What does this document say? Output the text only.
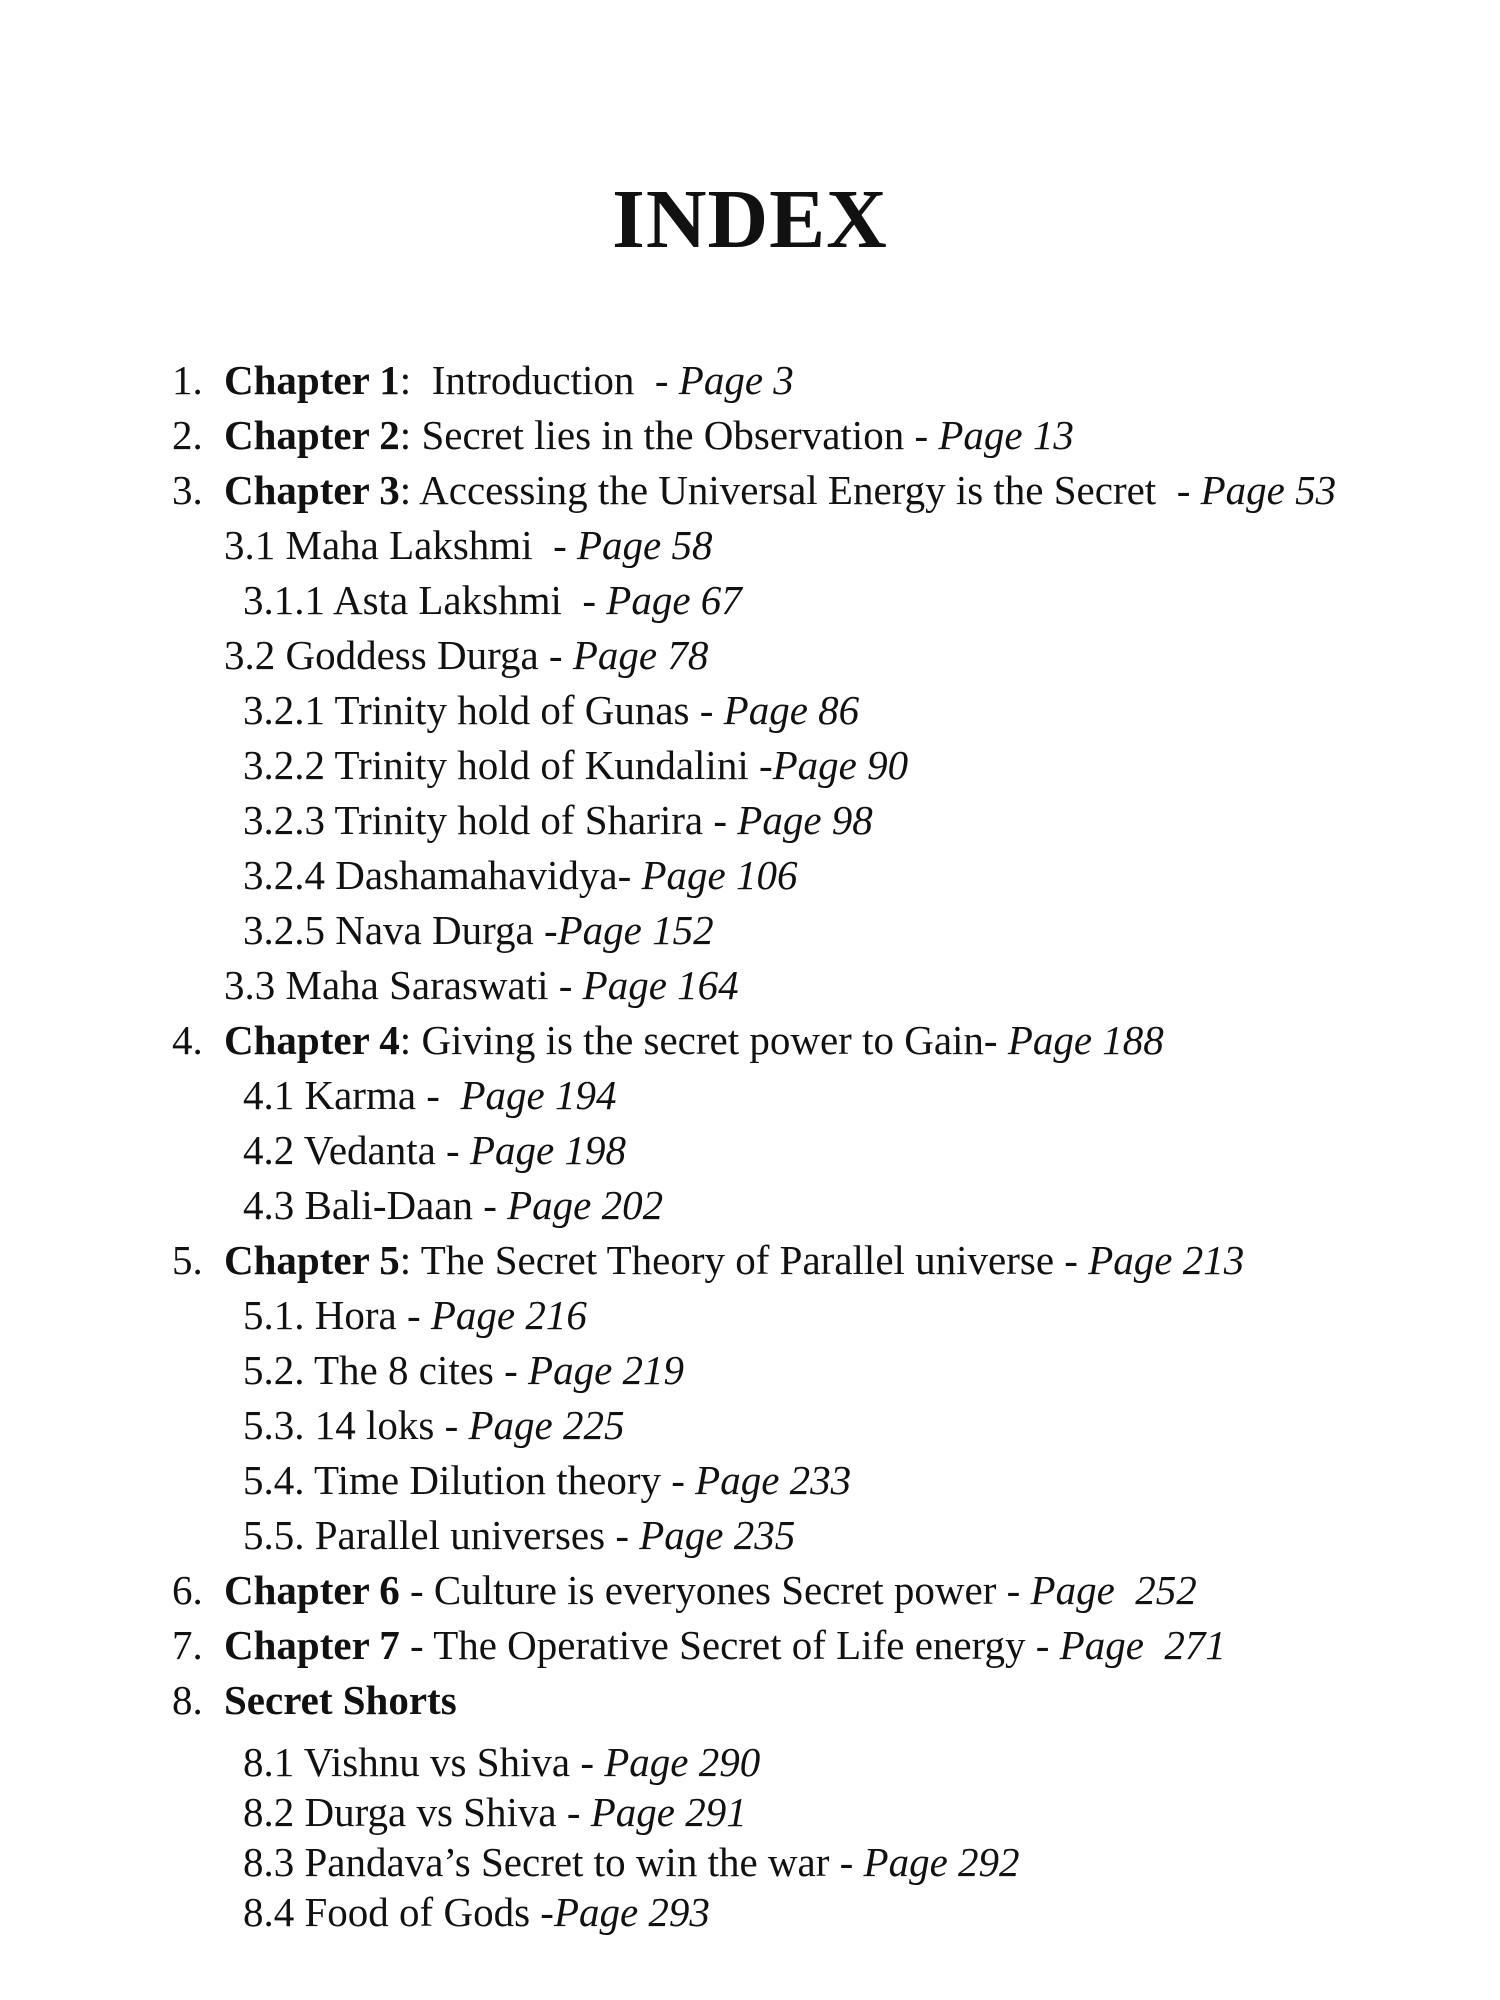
INDEX
1. Chapter 1:  Introduction  - Page 3
2. Chapter 2: Secret lies in the Observation - Page 13
3. Chapter 3: Accessing the Universal Energy is the Secret  - Page 53
3.1 Maha Lakshmi  - Page 58
3.1.1 Asta Lakshmi  - Page 67
3.2 Goddess Durga - Page 78
3.2.1 Trinity hold of Gunas - Page 86
3.2.2 Trinity hold of Kundalini -Page 90
3.2.3 Trinity hold of Sharira - Page 98
3.2.4 Dashamahavidya- Page 106
3.2.5 Nava Durga -Page 152
3.3 Maha Saraswati - Page 164
4. Chapter 4: Giving is the secret power to Gain- Page 188
4.1 Karma -  Page 194
4.2 Vedanta - Page 198
4.3 Bali-Daan - Page 202
5. Chapter 5: The Secret Theory of Parallel universe - Page 213
5.1. Hora - Page 216
5.2. The 8 cites - Page 219
5.3. 14 loks - Page 225
5.4. Time Dilution theory - Page 233
5.5. Parallel universes - Page 235
6. Chapter 6 - Culture is everyones Secret power - Page  252
7. Chapter 7 - The Operative Secret of Life energy - Page  271
8. Secret Shorts
8.1 Vishnu vs Shiva - Page 290
8.2 Durga vs Shiva - Page 291
8.3 Pandava’s Secret to win the war - Page 292
8.4 Food of Gods -Page 293
